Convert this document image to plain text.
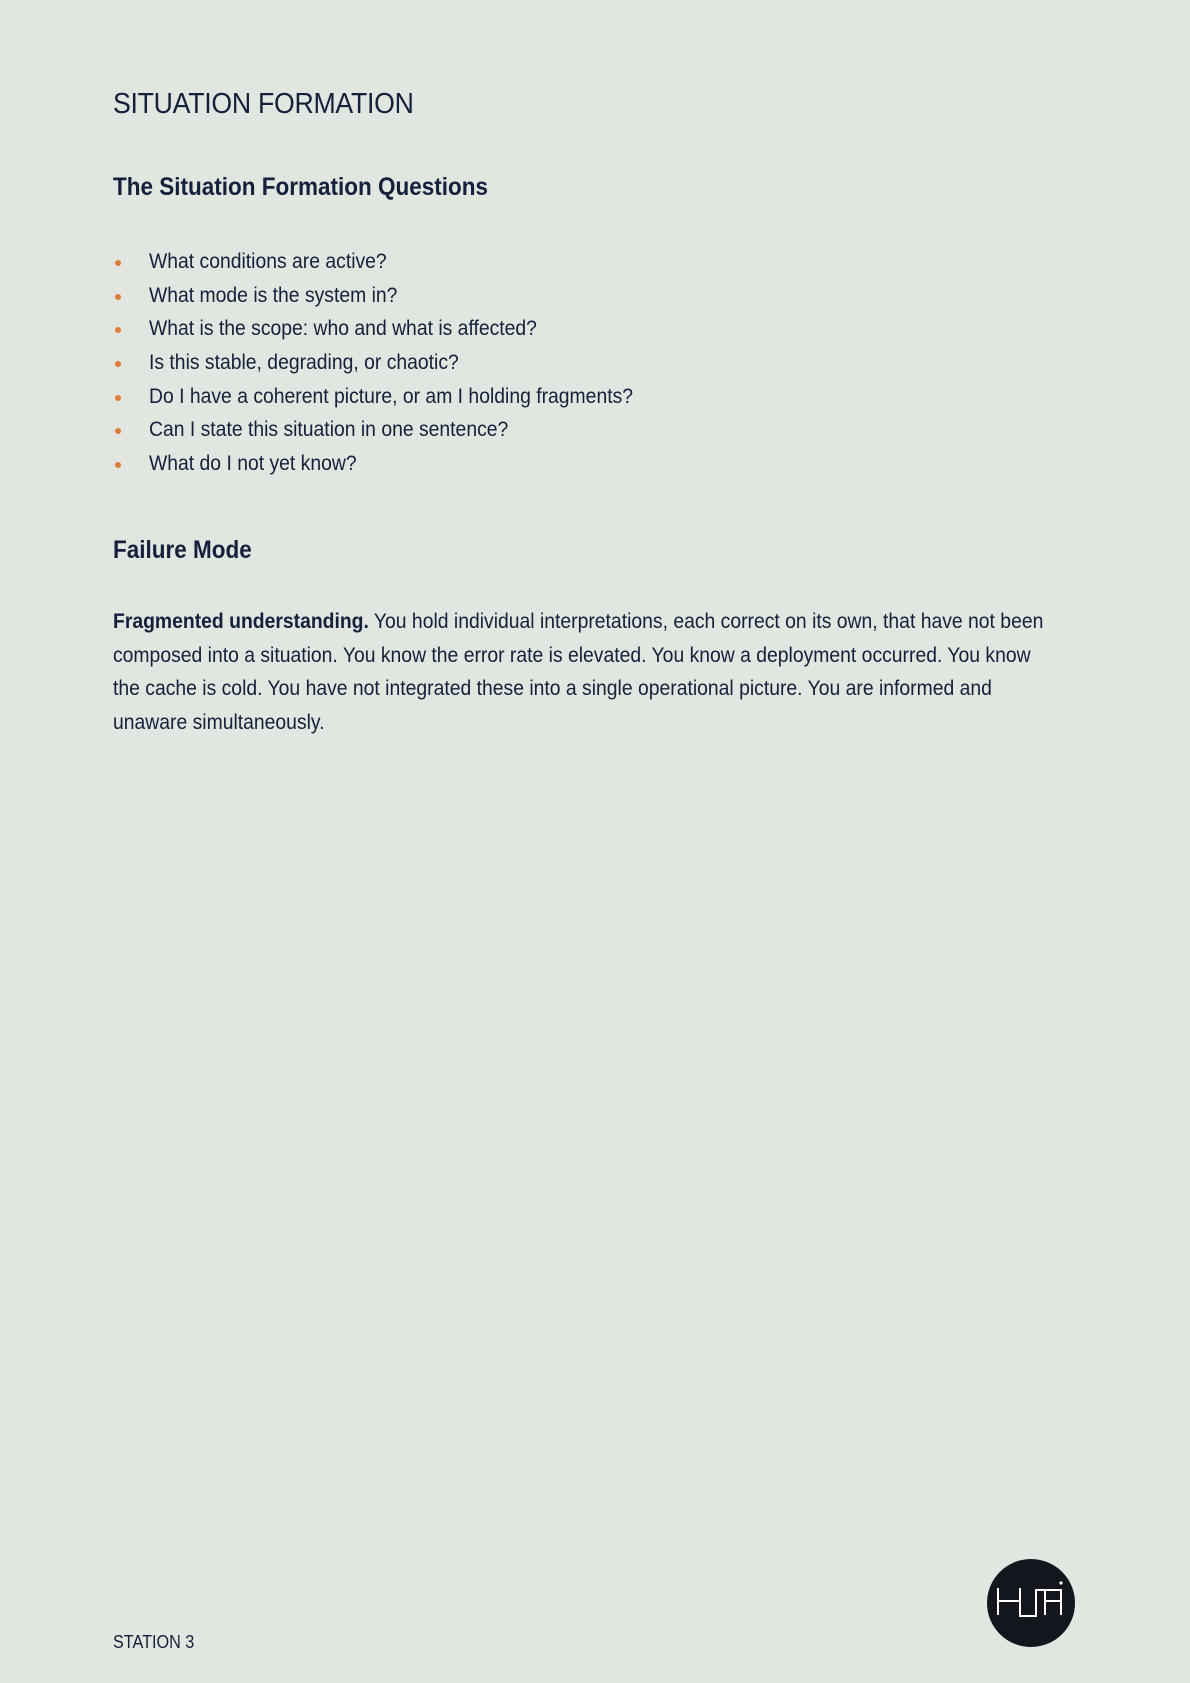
SITUATION FORMATION
The Situation Formation Questions
What conditions are active?
What mode is the system in?
What is the scope: who and what is affected?
Is this stable, degrading, or chaotic?
Do I have a coherent picture, or am I holding fragments?
Can I state this situation in one sentence?
What do I not yet know?
Failure Mode

Fragmented understanding. You hold individual interpretations, each correct on its own, that have not been composed into a situation. You know the error rate is elevated. You know a deployment occurred. You know the cache is cold. You have not integrated these into a single operational picture. You are informed and unaware simultaneously.

STATION 3
